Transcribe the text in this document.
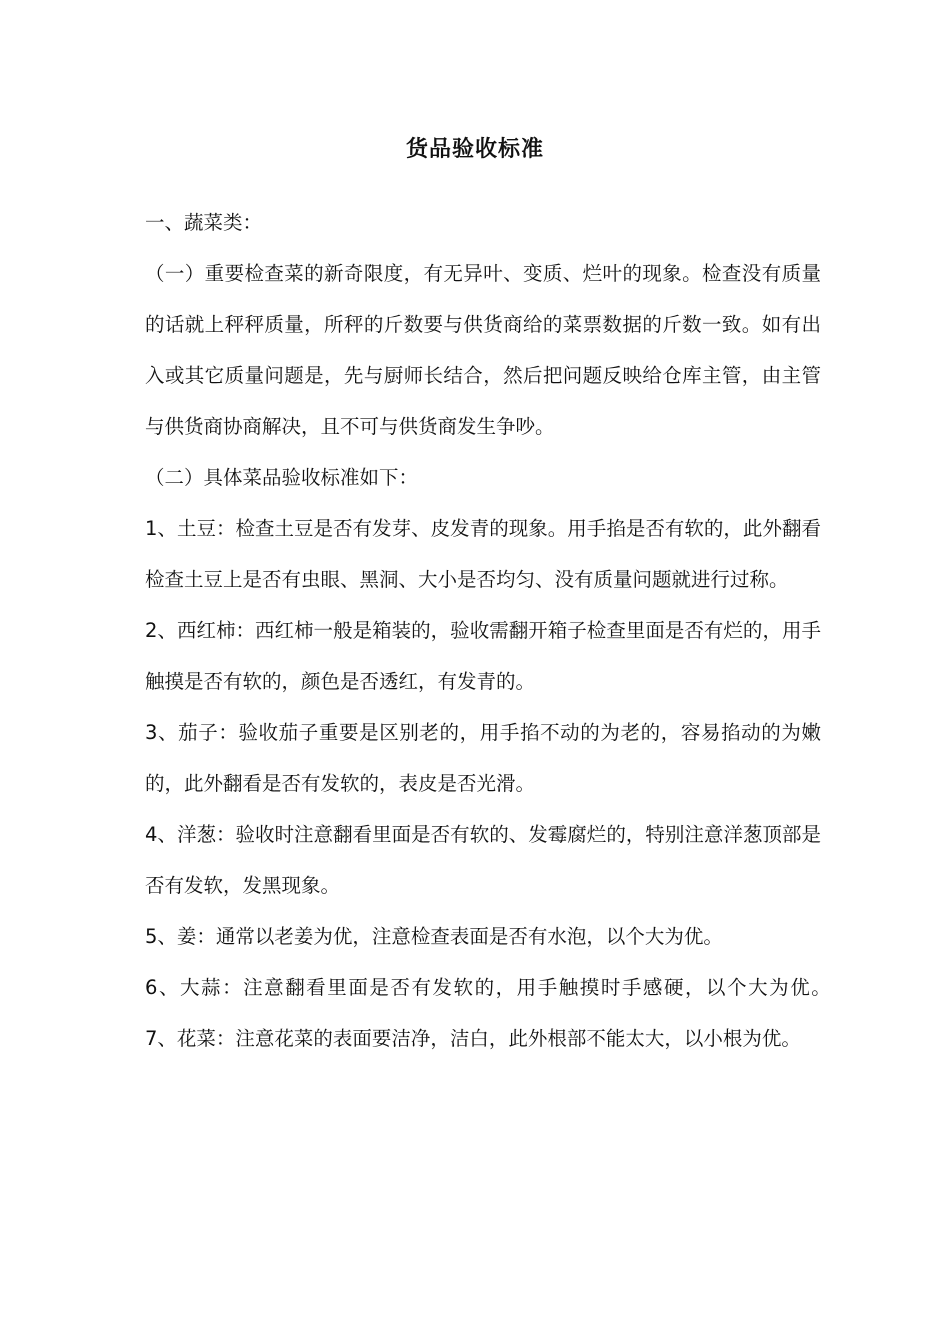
货品验收标准

一、蔬菜类：

（一）重要检查菜的新奇限度，有无异叶、变质、烂叶的现象。检查没有质量的话就上秤秤质量，所秤的斤数要与供货商给的菜票数据的斤数一致。如有出入或其它质量问题是，先与厨师长结合，然后把问题反映给仓库主管，由主管与供货商协商解决，且不可与供货商发生争吵。

（二）具体菜品验收标准如下：

1、土豆：检查土豆是否有发芽、皮发青的现象。用手掐是否有软的，此外翻看检查土豆上是否有虫眼、黑洞、大小是否均匀、没有质量问题就进行过称。

2、西红柿：西红柿一般是箱装的，验收需翻开箱子检查里面是否有烂的，用手触摸是否有软的，颜色是否透红，有发青的。

3、茄子：验收茄子重要是区别老的，用手掐不动的为老的，容易掐动的为嫩的，此外翻看是否有发软的，表皮是否光滑。

4、洋葱：验收时注意翻看里面是否有软的、发霉腐烂的，特别注意洋葱顶部是否有发软，发黑现象。

5、姜：通常以老姜为优，注意检查表面是否有水泡，以个大为优。

6、大蒜：注意翻看里面是否有发软的，用手触摸时手感硬，以个大为优。　 7、花菜：注意花菜的表面要洁净，洁白，此外根部不能太大，以小根为优。
